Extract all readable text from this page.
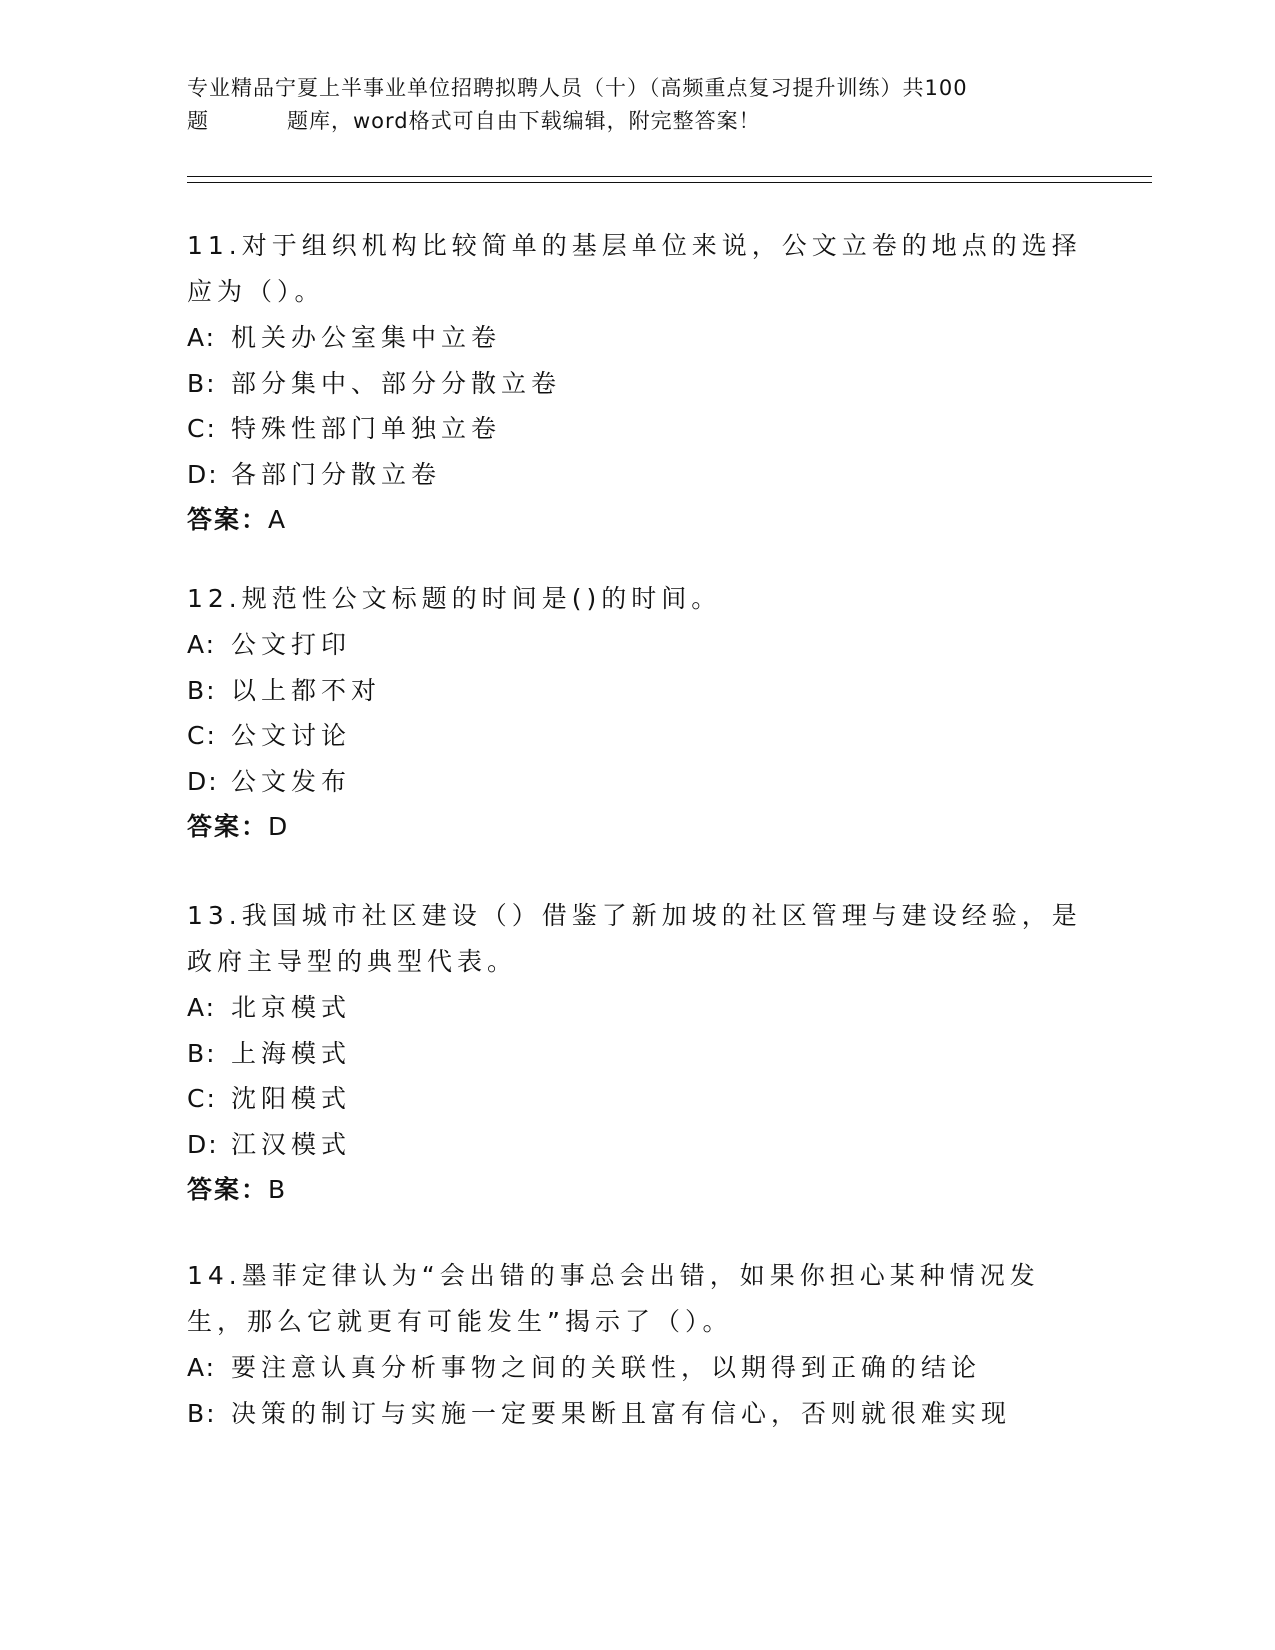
专业精品宁夏上半事业单位招聘拟聘人员（十）（高频重点复习提升训练）共100
题	题库，word格式可自由下载编辑，附完整答案！
11.对于组织机构比较简单的基层单位来说，公文立卷的地点的选择应为（）。
A: 机关办公室集中立卷
B: 部分集中、部分分散立卷
C: 特殊性部门单独立卷
D: 各部门分散立卷
答案：A
12.规范性公文标题的时间是()的时间。
A: 公文打印
B: 以上都不对
C: 公文讨论
D: 公文发布
答案：D
13.我国城市社区建设（）借鉴了新加坡的社区管理与建设经验，是政府主导型的典型代表。
A: 北京模式
B: 上海模式
C: 沈阳模式
D: 江汉模式
答案：B
14.墨菲定律认为“会出错的事总会出错，如果你担心某种情况发生，那么它就更有可能发生”揭示了（）。
A: 要注意认真分析事物之间的关联性，以期得到正确的结论
B: 决策的制订与实施一定要果断且富有信心，否则就很难实现
